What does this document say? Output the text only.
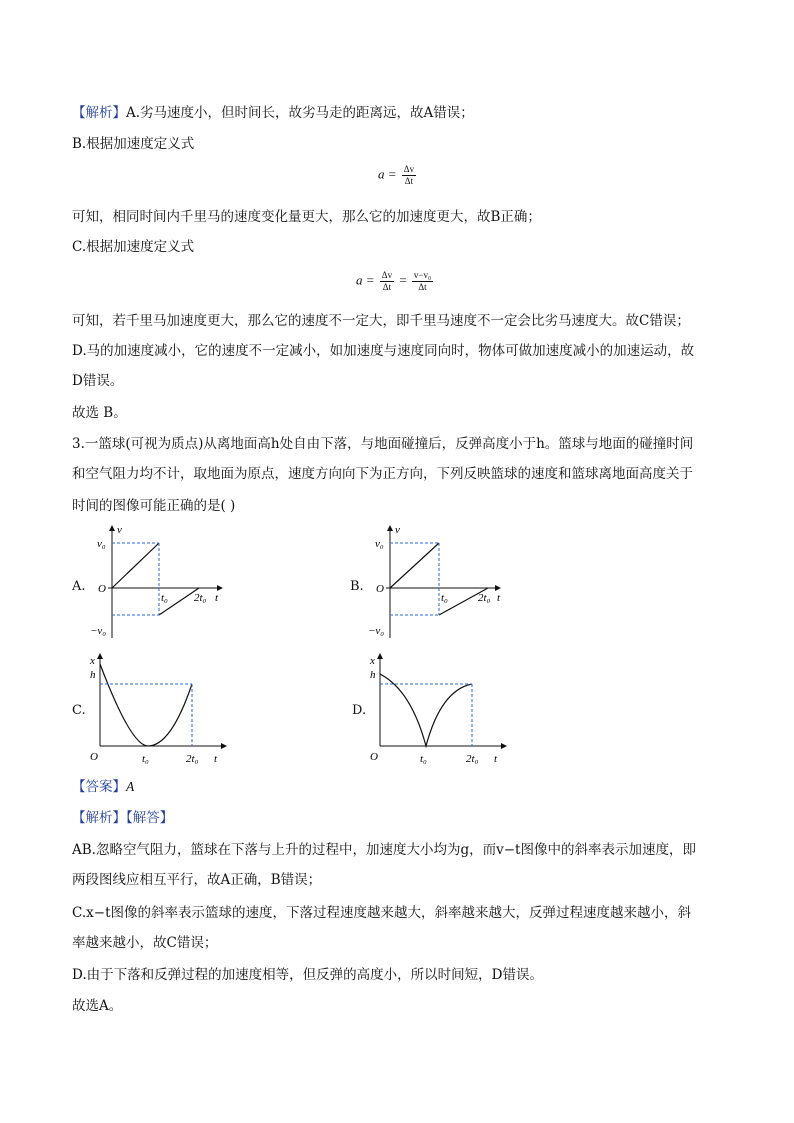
【解析】A.劣马速度小，但时间长，故劣马走的距离远，故A错误；
B.根据加速度定义式
$a = \frac{\Delta v}{\Delta t}$
可知，相同时间内千里马的速度变化量更大，那么它的加速度更大，故B正确；
C.根据加速度定义式
$a = \frac{\Delta v}{\Delta t} = \frac{\text{v−v₀}}{\Delta t}$
可知，若千里马加速度更大，那么它的速度不一定大，即千里马速度不一定会比劣马速度大。故C错误；
D.马的加速度减小，它的速度不一定减小，如加速度与速度同向时，物体可做加速度减小的加速运动，故
D错误。
故选 B。
3.一篮球(可视为质点)从离地面高h处自由下落，与地面碰撞后，反弹高度小于h。篮球与地面的碰撞时间
和空气阻力均不计，取地面为原点，速度方向向下为正方向，下列反映篮球的速度和篮球离地面高度关于
时间的图像可能正确的是( )
A.	B.
C.	D.
v
v₀
O
−v₀
t₀ 2t₀ t
v
v₀
O
−v₀
t₀	2t₀ t
x
h
O	t₀	2t₀ t
x
h
O	t₀	2t₀ t
【答案】A
【解析】【解答】
AB.忽略空气阻力，篮球在下落与上升的过程中，加速度大小均为g，而v−t图像中的斜率表示加速度，即
两段图线应相互平行，故A正确，B错误；
C.x−t图像的斜率表示篮球的速度，下落过程速度越来越大，斜率越来越大，反弹过程速度越来越小，斜
率越来越小，故C错误；
D.由于下落和反弹过程的加速度相等，但反弹的高度小，所以时间短，D错误。
故选A。
